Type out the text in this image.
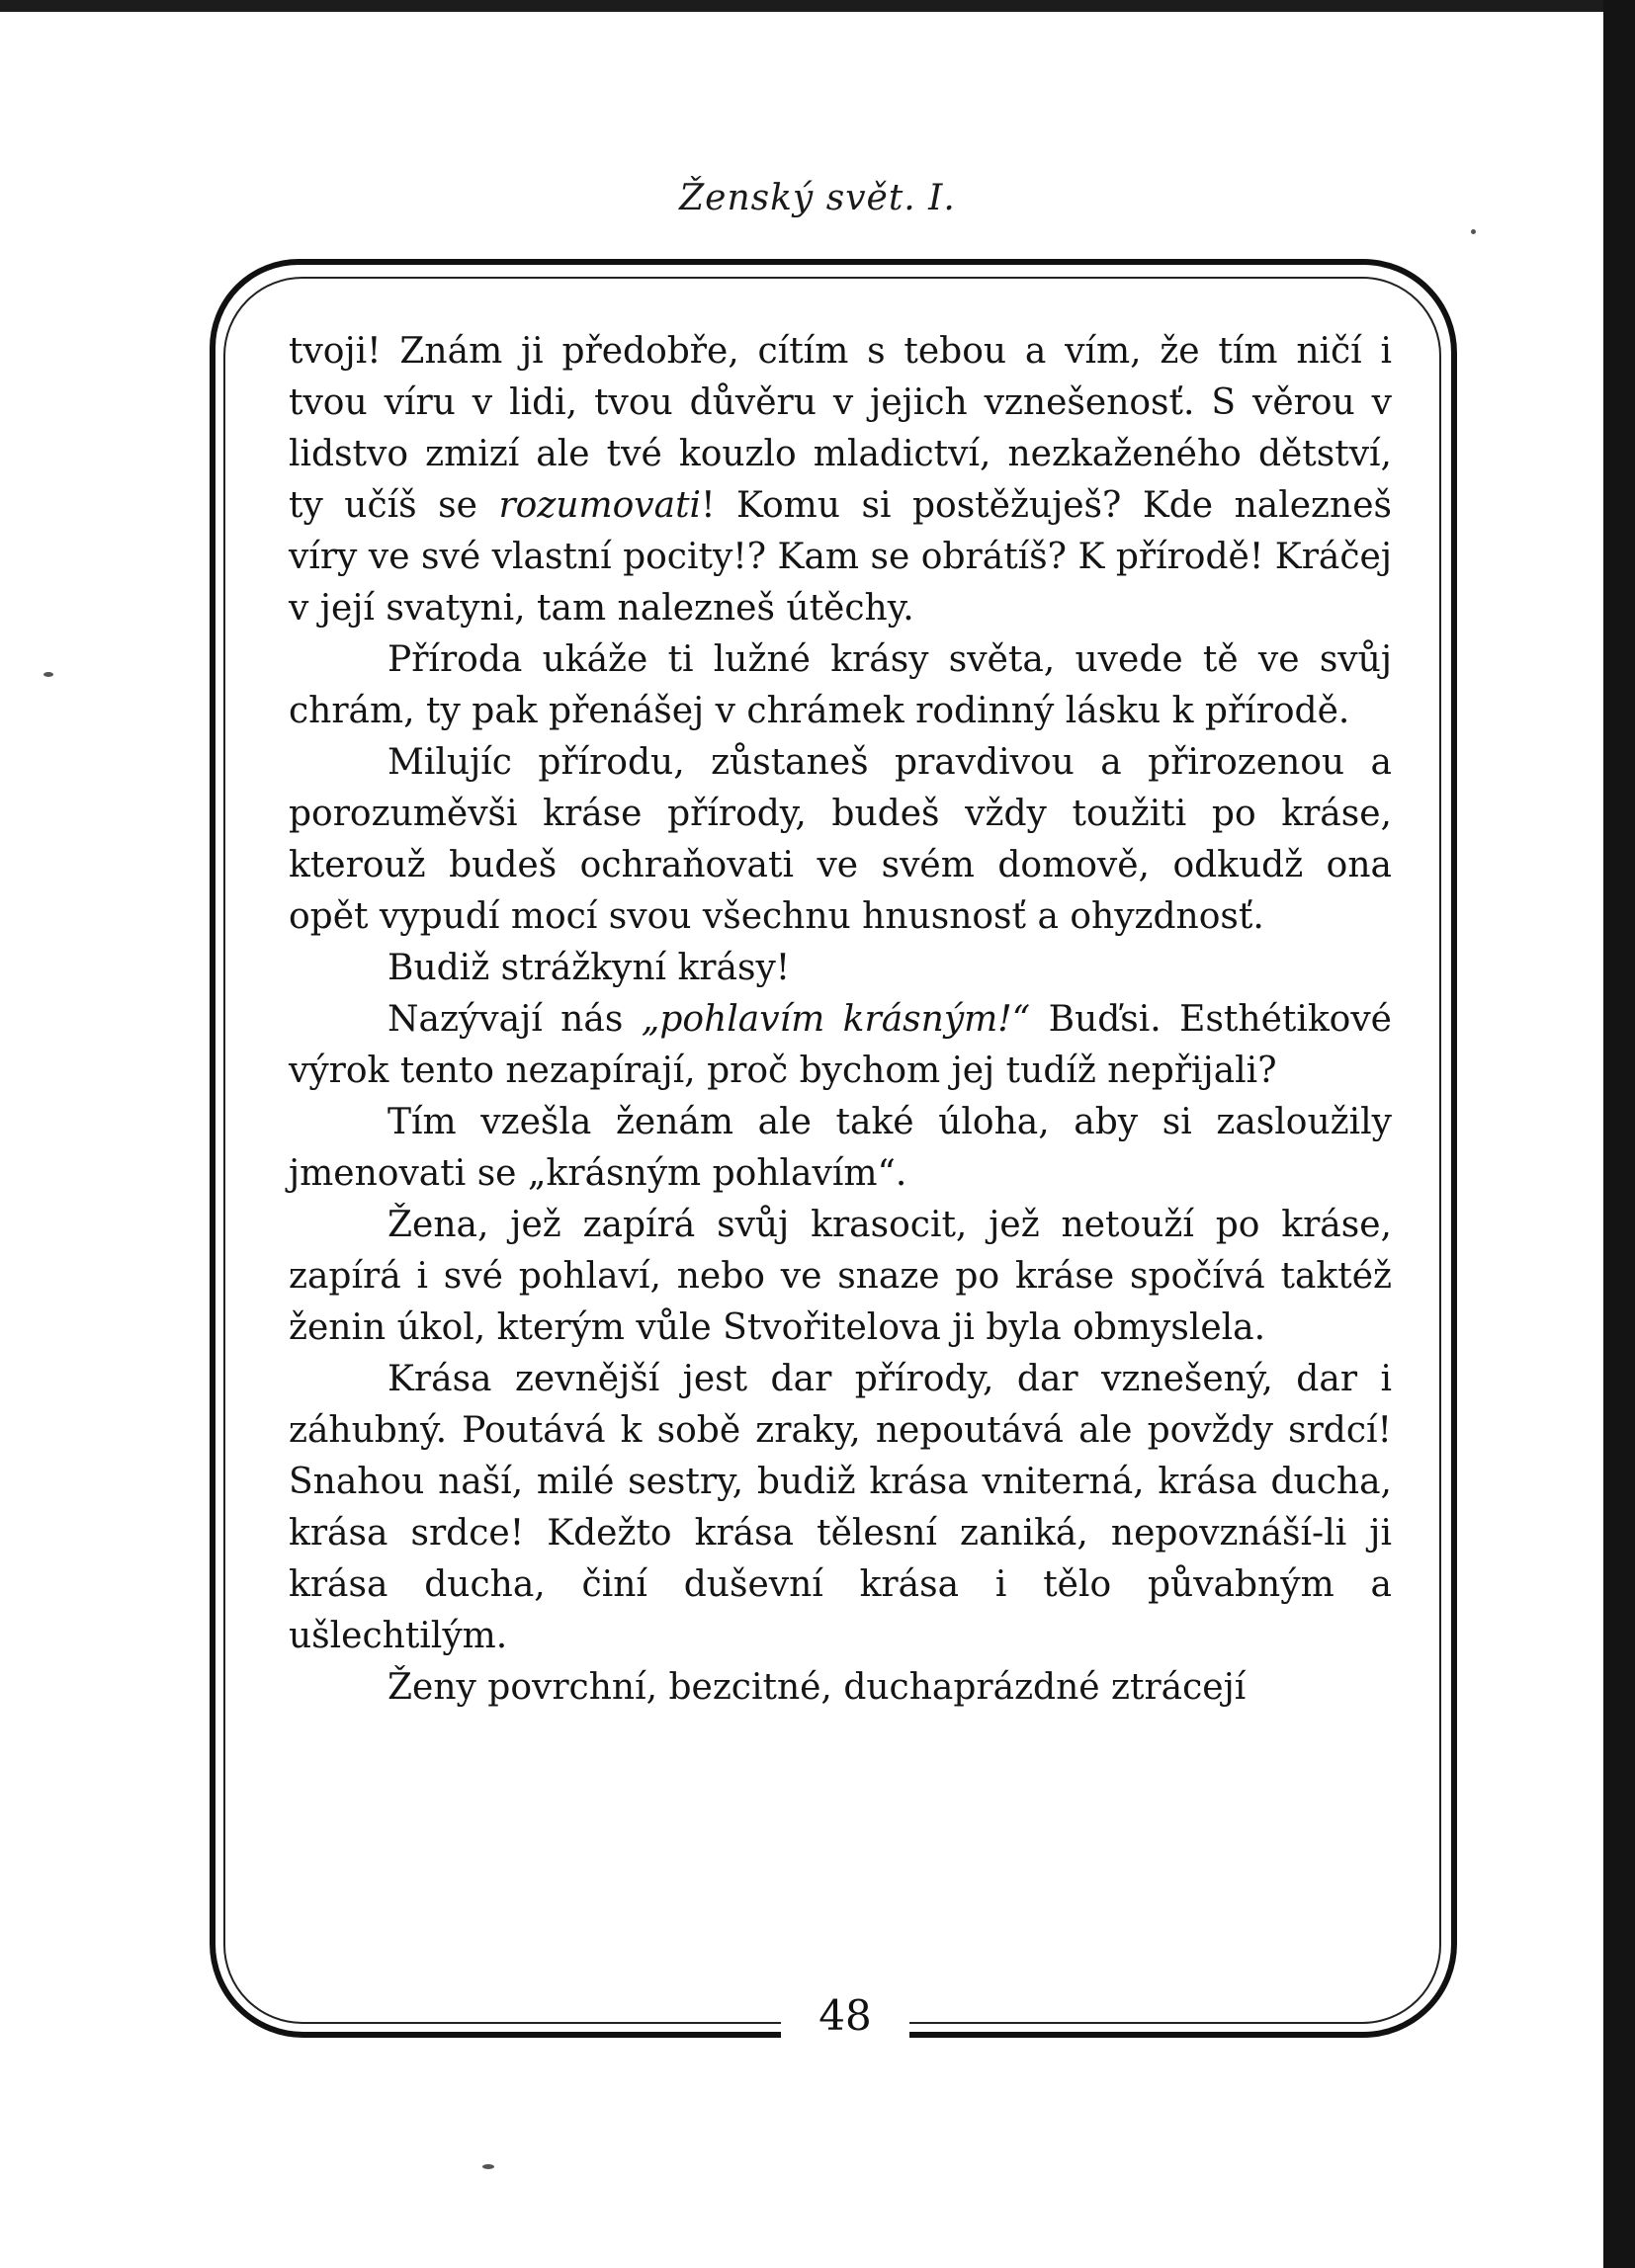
Ženský svět. I.
48

tvoji! Znám ji předobře, cítím s tebou a vím, že tím ničí i tvou víru v lidi, tvou důvěru v jejich vznešenosť. S věrou v lidstvo zmizí ale tvé kouzlo mladictví, nezkaženého dětství, ty učíš se rozumovati! Komu si postěžuješ? Kde nalezneš víry ve své vlastní pocity!? Kam se obrátíš? K přírodě! Kráčej v její svatyni, tam nalezneš útěchy.

Příroda ukáže ti lužné krásy světa, uvede tě ve svůj chrám, ty pak přenášej v chrámek rodinný lásku k přírodě.

Milujíc přírodu, zůstaneš pravdivou a přirozenou a porozuměvši kráse přírody, budeš vždy toužiti po kráse, kterouž budeš ochraňovati ve svém domově, odkudž ona opět vypudí mocí svou všechnu hnusnosť a ohyzdnosť.

Budiž strážkyní krásy!

Nazývají nás „pohlavím krásným!“ Buďsi. Esthétikové výrok tento nezapírají, proč bychom jej tudíž nepřijali?

Tím vzešla ženám ale také úloha, aby si zasloužily jmenovati se „krásným pohlavím“.

Žena, jež zapírá svůj krasocit, jež netouží po kráse, zapírá i své pohlaví, nebo ve snaze po kráse spočívá taktéž ženin úkol, kterým vůle Stvořitelova ji byla obmyslela.

Krása zevnější jest dar přírody, dar vznešený, dar i záhubný. Poutává k sobě zraky, nepoutává ale povždy srdcí! Snahou naší, milé sestry, budiž krása vniterná, krása ducha, krása srdce! Kdežto krása tělesní zaniká, nepovznáší-li ji krása ducha, činí duševní krása i tělo půvabným a ušlechtilým.

Ženy povrchní, bezcitné, duchaprázdné ztrácejí
